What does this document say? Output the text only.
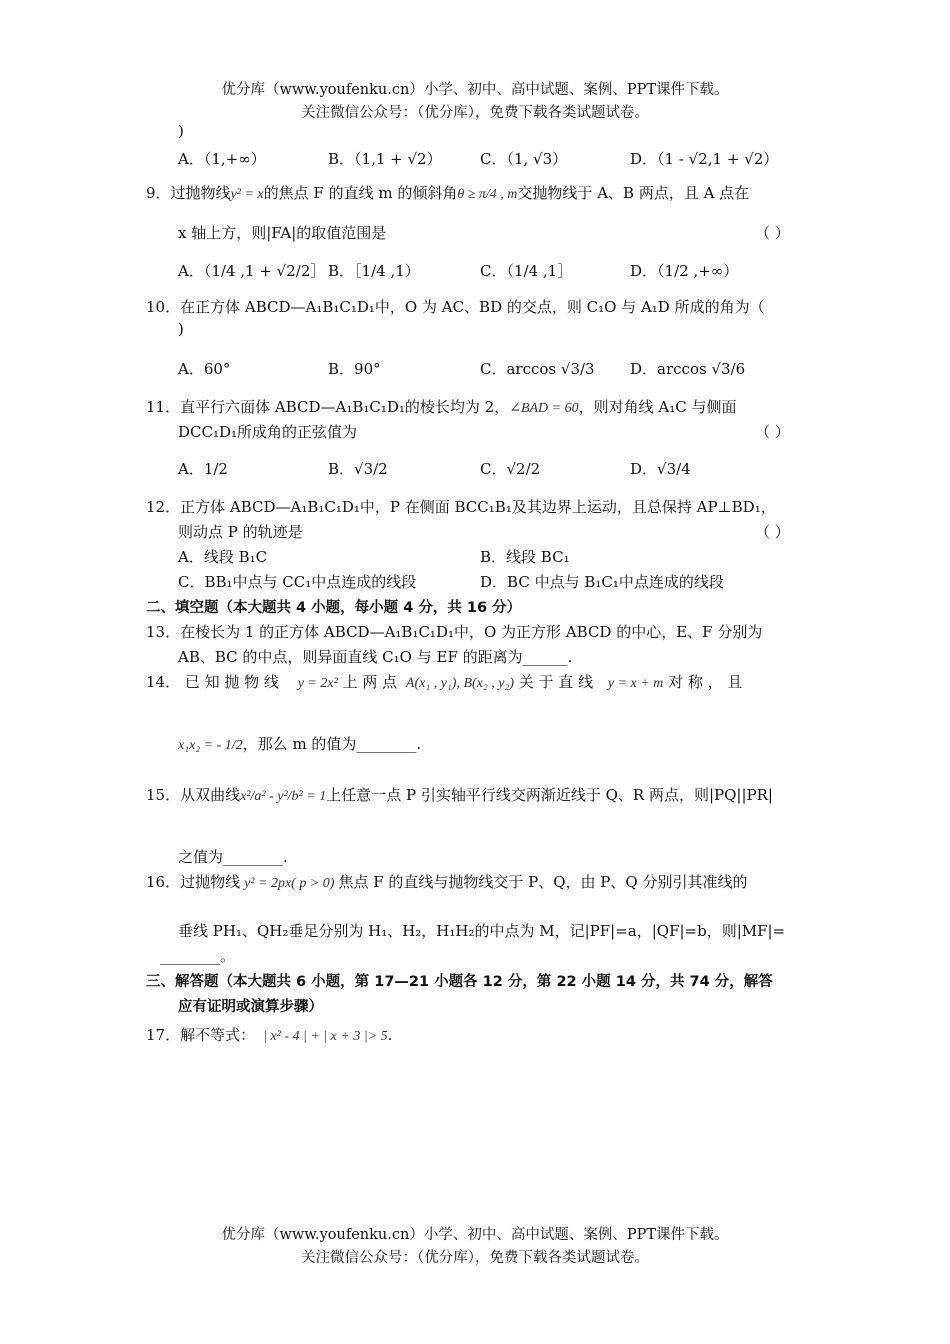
优分库（www.youfenku.cn）小学、初中、高中试题、案例、PPT课件下载。
关注微信公众号：（优分库），免费下载各类试题试卷。
)
A．（1,+∞）	B．（1,1 + √2）	C．（1, √3）	D．（1 - √2,1 + √2）
9．过抛物线y² = x的焦点 F 的直线 m 的倾斜角θ ≥ π/4 , m交抛物线于 A、B 两点，且 A 点在
x 轴上方，则|FA|的取值范围是	（ ）
A．（1/4 ,1 + √2/2］ B．［1/4 ,1）	C．（1/4 ,1］	D．（1/2 ,+∞）
10．在正方体 ABCD—A₁B₁C₁D₁中，O 为 AC、BD 的交点，则 C₁O 与 A₁D 所成的角为（
)
A．60°	B．90°	C．arccos √3/3 D．arccos √3/6
11．直平行六面体 ABCD—A₁B₁C₁D₁的棱长均为 2，∠BAD = 60，则对角线 A₁C 与侧面
DCC₁D₁所成角的正弦值为	（ ）
A．1/2	B．√3/2	C．√2/2	D．√3/4
12．正方体 ABCD—A₁B₁C₁D₁中，P 在侧面 BCC₁B₁及其边界上运动，且总保持 AP⊥BD₁，
则动点 P 的轨迹是	（ ）
A．线段 B₁C	B．线段 BC₁
C．BB₁中点与 CC₁中点连成的线段	D．BC 中点与 B₁C₁中点连成的线段
二、填空题（本大题共 4 小题，每小题 4 分，共 16 分）
13．在棱长为 1 的正方体 ABCD—A₁B₁C₁D₁中，O 为正方形 ABCD 的中心，E、F 分别为
AB、BC 的中点，则异面直线 C₁O 与 EF 的距离为______.
14． 已 知 抛 物 线 y = 2x² 上 两 点 A(x₁ , y₁), B(x₂ , y₂) 关 于 直 线 y = x + m 对 称 ， 且
x₁x₂ = - 1/2，那么 m 的值为________.
15．从双曲线x²/a² - y²/b² = 1上任意一点 P 引实轴平行线交两渐近线于 Q、R 两点，则|PQ||PR|
之值为________.
16．过抛物线 y² = 2px( p > 0) 焦点 F 的直线与抛物线交于 P、Q，由 P、Q 分别引其准线的
垂线 PH₁、QH₂垂足分别为 H₁、H₂，H₁H₂的中点为 M，记|PF|=a，|QF|=b，则|MF|=
________。
三、解答题（本大题共 6 小题，第 17—21 小题各 12 分，第 22 小题 14 分，共 74 分，解答
应有证明或演算步骤）
17．解不等式： | x² - 4 | + | x + 3 |> 5.
优分库（www.youfenku.cn）小学、初中、高中试题、案例、PPT课件下载。
关注微信公众号：（优分库），免费下载各类试题试卷。
